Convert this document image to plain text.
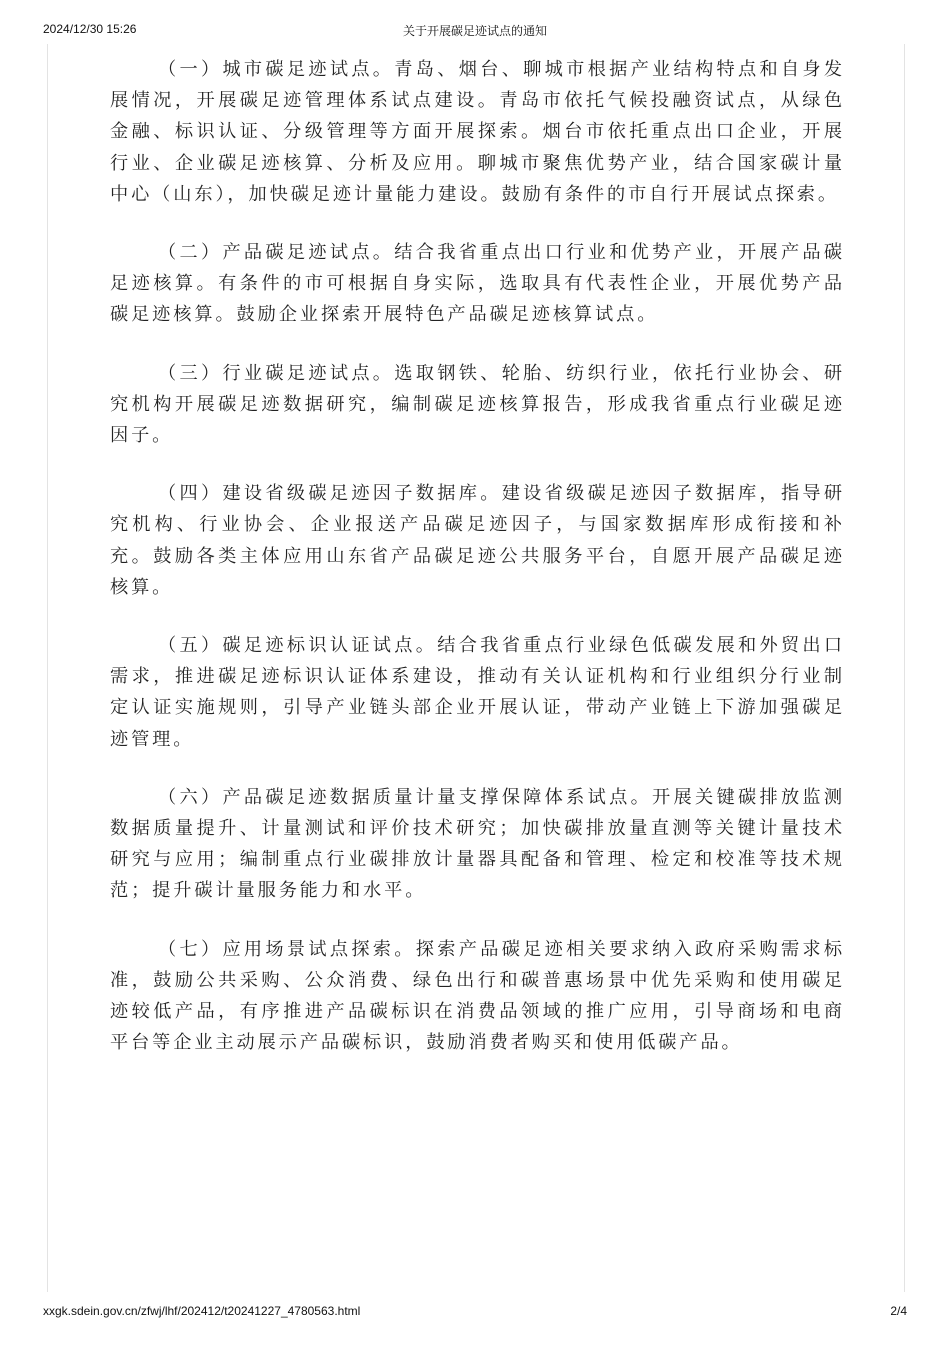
2024/12/30 15:26	关于开展碳足迹试点的通知

（一）城市碳足迹试点。青岛、烟台、聊城市根据产业结构特点和自身发展情况，开展碳足迹管理体系试点建设。青岛市依托气候投融资试点，从绿色金融、标识认证、分级管理等方面开展探索。烟台市依托重点出口企业，开展行业、企业碳足迹核算、分析及应用。聊城市聚焦优势产业，结合国家碳计量中心（山东），加快碳足迹计量能力建设。鼓励有条件的市自行开展试点探索。

（二）产品碳足迹试点。结合我省重点出口行业和优势产业，开展产品碳足迹核算。有条件的市可根据自身实际，选取具有代表性企业，开展优势产品碳足迹核算。鼓励企业探索开展特色产品碳足迹核算试点。

（三）行业碳足迹试点。选取钢铁、轮胎、纺织行业，依托行业协会、研究机构开展碳足迹数据研究，编制碳足迹核算报告，形成我省重点行业碳足迹因子。

（四）建设省级碳足迹因子数据库。建设省级碳足迹因子数据库，指导研究机构、行业协会、企业报送产品碳足迹因子，与国家数据库形成衔接和补充。鼓励各类主体应用山东省产品碳足迹公共服务平台，自愿开展产品碳足迹核算。

（五）碳足迹标识认证试点。结合我省重点行业绿色低碳发展和外贸出口需求，推进碳足迹标识认证体系建设，推动有关认证机构和行业组织分行业制定认证实施规则，引导产业链头部企业开展认证，带动产业链上下游加强碳足迹管理。

（六）产品碳足迹数据质量计量支撑保障体系试点。开展关键碳排放监测数据质量提升、计量测试和评价技术研究；加快碳排放量直测等关键计量技术研究与应用；编制重点行业碳排放计量器具配备和管理、检定和校准等技术规范；提升碳计量服务能力和水平。

（七）应用场景试点探索。探索产品碳足迹相关要求纳入政府采购需求标准，鼓励公共采购、公众消费、绿色出行和碳普惠场景中优先采购和使用碳足迹较低产品，有序推进产品碳标识在消费品领域的推广应用，引导商场和电商平台等企业主动展示产品碳标识，鼓励消费者购买和使用低碳产品。

xxgk.sdein.gov.cn/zfwj/lhf/202412/t20241227_4780563.html	2/4
